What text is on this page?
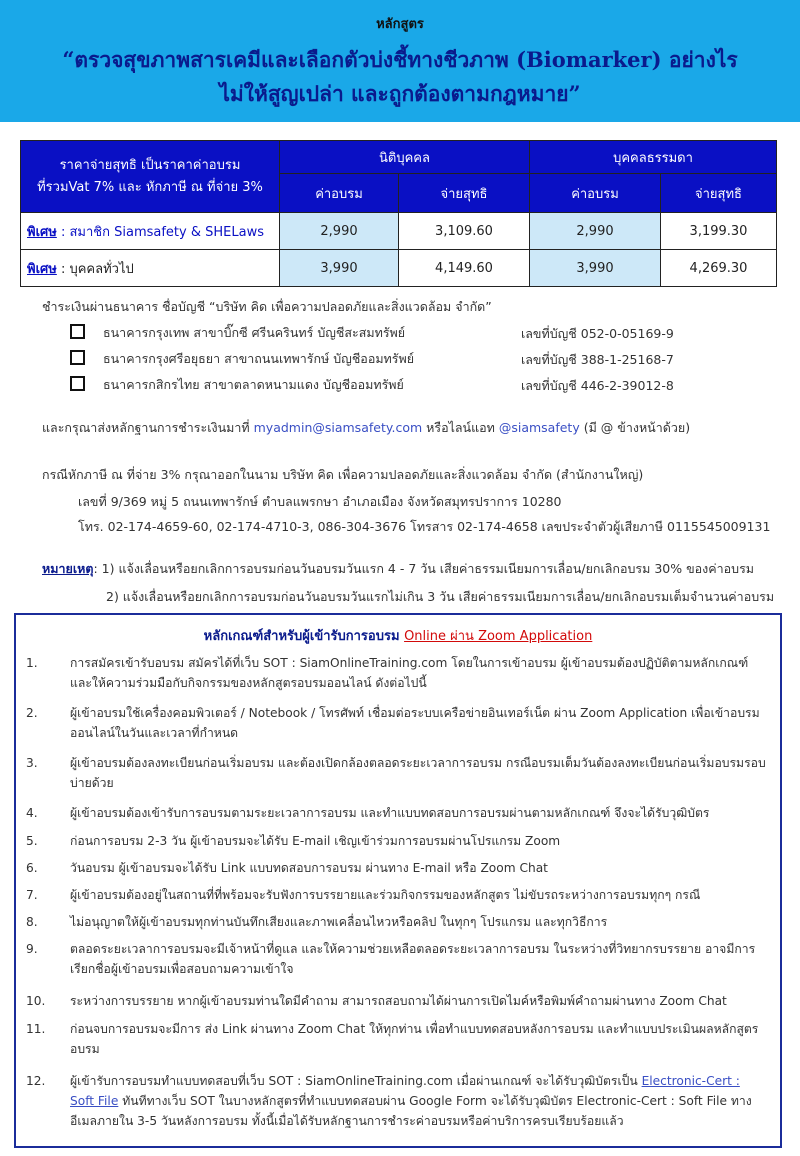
หลักสูตร
“ตรวจสุขภาพสารเคมีและเลือกตัวบ่งชี้ทางชีวภาพ (Biomarker) อย่างไร
ไม่ให้สูญเปล่า และถูกต้องตามกฎหมาย”
ราคาจ่ายสุทธิ เป็นราคาค่าอบรม
ที่รวมVat 7% และ หักภาษี ณ ที่จ่าย 3%	นิติบุคคล		บุคคลธรรมดา	
	ค่าอบรม	จ่ายสุทธิ	ค่าอบรม	จ่ายสุทธิ
พิเศษ : สมาชิก Siamsafety & SHELaws	2,990	3,109.60	2,990	3,199.30
พิเศษ : บุคคลทั่วไป	3,990	4,149.60	3,990	4,269.30
ชำระเงินผ่านธนาคาร ชื่อบัญชี “บริษัท คิด เพื่อความปลอดภัยและสิ่งแวดล้อม จำกัด”
ธนาคารกรุงเทพ สาขาบิ๊กซี ศรีนครินทร์ บัญชีสะสมทรัพย์	เลขที่บัญชี 052-0-05169-9
ธนาคารกรุงศรีอยุธยา สาขาถนนเทพารักษ์ บัญชีออมทรัพย์	เลขที่บัญชี 388-1-25168-7
ธนาคารกสิกรไทย สาขาตลาดหนามแดง บัญชีออมทรัพย์	เลขที่บัญชี 446-2-39012-8
และกรุณาส่งหลักฐานการชำระเงินมาที่ myadmin@siamsafety.com หรือไลน์แอท @siamsafety (มี @ ข้างหน้าด้วย)
กรณีหักภาษี ณ ที่จ่าย 3% กรุณาออกในนาม บริษัท คิด เพื่อความปลอดภัยและสิ่งแวดล้อม จำกัด (สำนักงานใหญ่)
เลขที่ 9/369 หมู่ 5 ถนนเทพารักษ์ ตำบลแพรกษา อำเภอเมือง จังหวัดสมุทรปราการ 10280
โทร. 02-174-4659-60, 02-174-4710-3, 086-304-3676 โทรสาร 02-174-4658 เลขประจำตัวผู้เสียภาษี 0115545009131
หมายเหตุ: 1) แจ้งเลื่อนหรือยกเลิกการอบรมก่อนวันอบรมวันแรก 4 - 7 วัน เสียค่าธรรมเนียมการเลื่อน/ยกเลิกอบรม 30% ของค่าอบรม
2) แจ้งเลื่อนหรือยกเลิกการอบรมก่อนวันอบรมวันแรกไม่เกิน 3 วัน เสียค่าธรรมเนียมการเลื่อน/ยกเลิกอบรมเต็มจำนวนค่าอบรม
หลักเกณฑ์สำหรับผู้เข้ารับการอบรม Online ผ่าน Zoom Application
1.	การสมัครเข้ารับอบรม สมัครได้ที่เว็บ SOT : SiamOnlineTraining.com โดยในการเข้าอบรม ผู้เข้าอบรมต้องปฏิบัติตามหลักเกณฑ์และให้ความร่วมมือกับกิจกรรมของหลักสูตรอบรมออนไลน์ ดังต่อไปนี้
2.	ผู้เข้าอบรมใช้เครื่องคอมพิวเตอร์ / Notebook / โทรศัพท์ เชื่อมต่อระบบเครือข่ายอินเทอร์เน็ต ผ่าน Zoom Application เพื่อเข้าอบรมออนไลน์ในวันและเวลาที่กำหนด
3.	ผู้เข้าอบรมต้องลงทะเบียนก่อนเริ่มอบรม และต้องเปิดกล้องตลอดระยะเวลาการอบรม กรณีอบรมเต็มวันต้องลงทะเบียนก่อนเริ่มอบรมรอบบ่ายด้วย
4.	ผู้เข้าอบรมต้องเข้ารับการอบรมตามระยะเวลาการอบรม และทำแบบทดสอบการอบรมผ่านตามหลักเกณฑ์ จึงจะได้รับวุฒิบัตร
5.	ก่อนการอบรม 2-3 วัน ผู้เข้าอบรมจะได้รับ E-mail เชิญเข้าร่วมการอบรมผ่านโปรแกรม Zoom
6.	วันอบรม ผู้เข้าอบรมจะได้รับ Link แบบทดสอบการอบรม ผ่านทาง E-mail หรือ Zoom Chat
7.	ผู้เข้าอบรมต้องอยู่ในสถานที่ที่พร้อมจะรับฟังการบรรยายและร่วมกิจกรรมของหลักสูตร ไม่ขับรถระหว่างการอบรมทุกๆ กรณี
8.	ไม่อนุญาตให้ผู้เข้าอบรมทุกท่านบันทึกเสียงและภาพเคลื่อนไหวหรือคลิป ในทุกๆ โปรแกรม และทุกวิธีการ
9.	ตลอดระยะเวลาการอบรมจะมีเจ้าหน้าที่ดูแล และให้ความช่วยเหลือตลอดระยะเวลาการอบรม ในระหว่างที่วิทยากรบรรยาย อาจมีการเรียกชื่อผู้เข้าอบรมเพื่อสอบถามความเข้าใจ
10.	ระหว่างการบรรยาย หากผู้เข้าอบรมท่านใดมีคำถาม สามารถสอบถามได้ผ่านการเปิดไมค์หรือพิมพ์คำถามผ่านทาง Zoom Chat
11.	ก่อนจบการอบรมจะมีการ ส่ง Link ผ่านทาง Zoom Chat ให้ทุกท่าน เพื่อทำแบบทดสอบหลังการอบรม และทำแบบประเมินผลหลักสูตรอบรม
12.	ผู้เข้ารับการอบรมทำแบบทดสอบที่เว็บ SOT : SiamOnlineTraining.com เมื่อผ่านเกณฑ์ จะได้รับวุฒิบัตรเป็น Electronic-Cert : Soft File ทันทีทางเว็บ SOT ในบางหลักสูตรที่ทำแบบทดสอบผ่าน Google Form จะได้รับวุฒิบัตร Electronic-Cert : Soft File ทางอีเมลภายใน 3-5 วันหลังการอบรม ทั้งนี้เมื่อได้รับหลักฐานการชำระค่าอบรมหรือค่าบริการครบเรียบร้อยแล้ว
